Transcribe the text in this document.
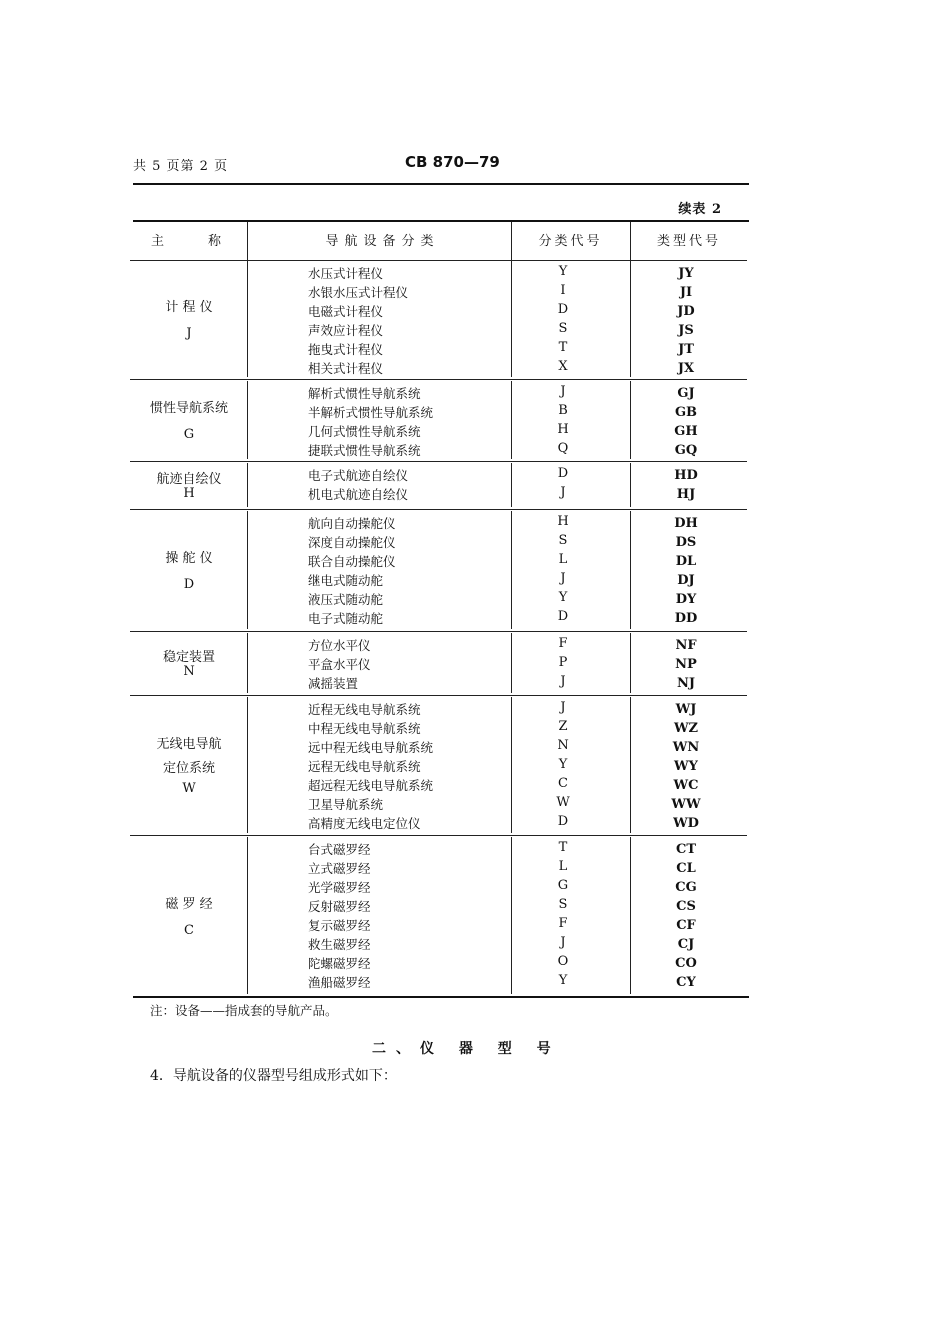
共 5 页第 2 页	CB 870—79
续表 2
主　　称	导航设备分类	分类代号	类型代号
计 程 仪
J
水压式计程仪	Y	JY
水银水压式计程仪	I	JI
电磁式计程仪	D	JD
声效应计程仪	S	JS
拖曳式计程仪	T	JT
相关式计程仪	X	JX
惯性导航系统
G
解析式惯性导航系统	J	GJ
半解析式惯性导航系统	B	GB
几何式惯性导航系统	H	GH
捷联式惯性导航系统	Q	GQ
航迹自绘仪
H
电子式航迹自绘仪	D	HD
机电式航迹自绘仪	J	HJ
操 舵 仪
D
航向自动操舵仪	H	DH
深度自动操舵仪	S	DS
联合自动操舵仪	L	DL
继电式随动舵	J	DJ
液压式随动舵	Y	DY
电子式随动舵	D	DD
稳定装置
N
方位水平仪	F	NF
平盒水平仪	P	NP
减摇装置	J	NJ
无线电导航
定位系统
W
近程无线电导航系统	J	WJ
中程无线电导航系统	Z	WZ
远中程无线电导航系统	N	WN
远程无线电导航系统	Y	WY
超远程无线电导航系统	C	WC
卫星导航系统	W	WW
高精度无线电定位仪	D	WD
磁 罗 经
C
台式磁罗经	T	CT
立式磁罗经	L	CL
光学磁罗经	G	CG
反射磁罗经	S	CS
复示磁罗经	F	CF
救生磁罗经	J	CJ
陀螺磁罗经	O	CO
渔船磁罗经	Y	CY
注：设备——指成套的导航产品。
二、仪 器 型 号
4．导航设备的仪器型号组成形式如下：
